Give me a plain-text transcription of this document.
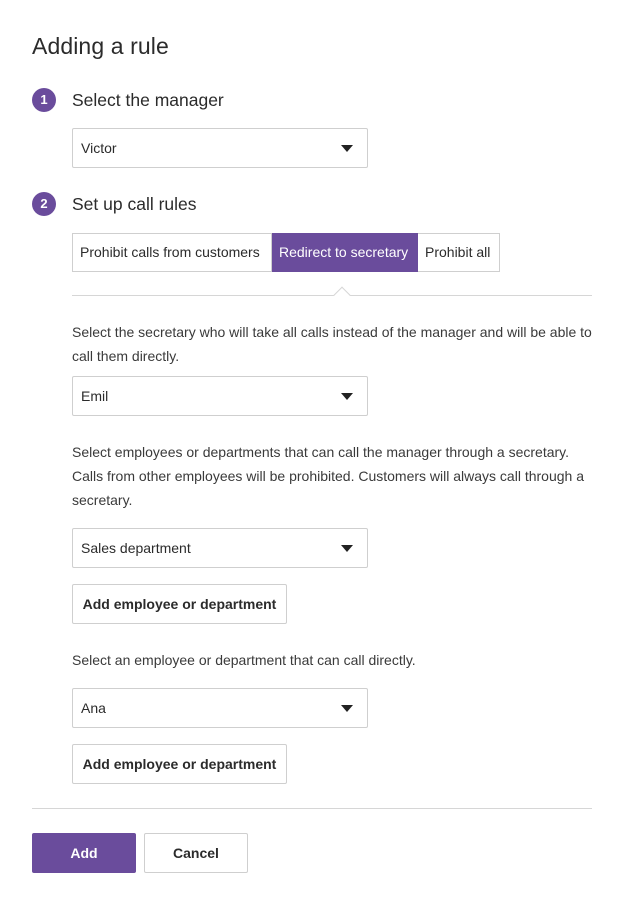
Adding a rule
1	Select the manager
Victor
2	Set up call rules
Prohibit calls from customers	Redirect to secretary	Prohibit all
Select the secretary who will take all calls instead of the manager and will be able to call them directly.
Emil
Select employees or departments that can call the manager through a secretary. Calls from other employees will be prohibited. Customers will always call through a secretary.
Sales department
Add employee or department
Select an employee or department that can call directly.
Ana
Add employee or department
Add	Cancel
